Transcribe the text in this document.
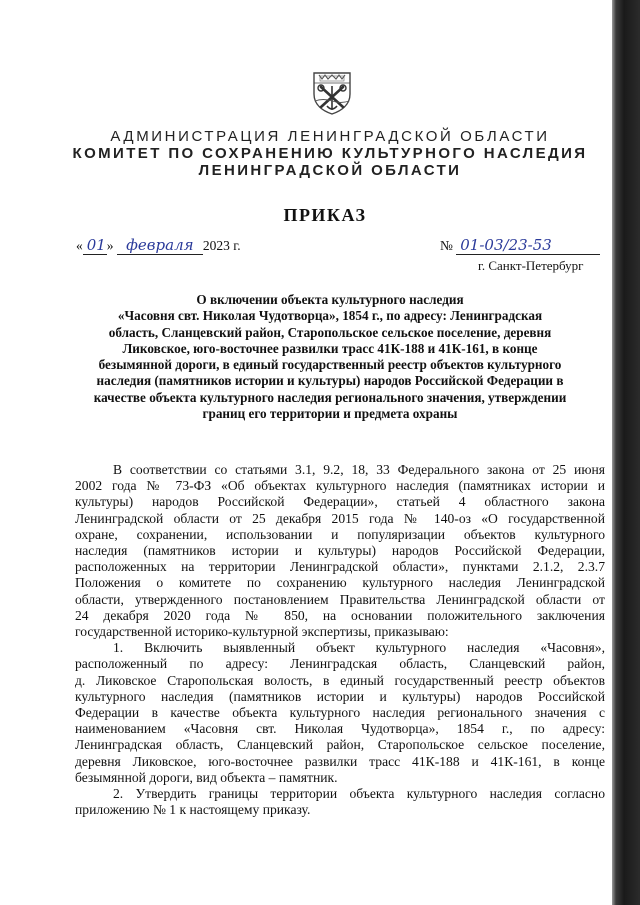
АДМИНИСТРАЦИЯ ЛЕНИНГРАДСКОЙ ОБЛАСТИ
КОМИТЕТ ПО СОХРАНЕНИЮ КУЛЬТУРНОГО НАСЛЕДИЯ
ЛЕНИНГРАДСКОЙ ОБЛАСТИ
ПРИКАЗ
« 01» февраля 2023 г.	№ 01-03/23-53
г. Санкт-Петербург
О включении объекта культурного наследия
«Часовня свт. Николая Чудотворца», 1854 г., по адресу: Ленинградская
область, Сланцевский район, Старопольское сельское поселение, деревня
Ликовское, юго-восточнее развилки трасс 41К-188 и 41К-161, в конце
безымянной дороги, в единый государственный реестр объектов культурного
наследия (памятников истории и культуры) народов Российской Федерации в
качестве объекта культурного наследия регионального значения, утверждении
границ его территории и предмета охраны
В соответствии со статьями 3.1, 9.2, 18, 33 Федерального закона от 25 июня
2002 года № 73-ФЗ «Об объектах культурного наследия (памятниках истории и
культуры) народов Российской Федерации», статьей 4 областного закона
Ленинградской области от 25 декабря 2015 года № 140-оз «О государственной
охране, сохранении, использовании и популяризации объектов культурного
наследия (памятников истории и культуры) народов Российской Федерации,
расположенных на территории Ленинградской области», пунктами 2.1.2, 2.3.7
Положения о комитете по сохранению культурного наследия Ленинградской
области, утвержденного постановлением Правительства Ленинградской области от
24 декабря 2020 года № 850, на основании положительного заключения
государственной историко-культурной экспертизы, приказываю:
1. Включить выявленный объект культурного наследия «Часовня»,
расположенный по адресу: Ленинградская область, Сланцевский район,
д. Ликовское Старопольская волость, в единый государственный реестр объектов
культурного наследия (памятников истории и культуры) народов Российской
Федерации в качестве объекта культурного наследия регионального значения с
наименованием «Часовня свт. Николая Чудотворца», 1854 г., по адресу:
Ленинградская область, Сланцевский район, Старопольское сельское поселение,
деревня Ликовское, юго-восточнее развилки трасс 41К-188 и 41К-161, в конце
безымянной дороги, вид объекта – памятник.
2. Утвердить границы территории объекта культурного наследия согласно
приложению № 1 к настоящему приказу.
